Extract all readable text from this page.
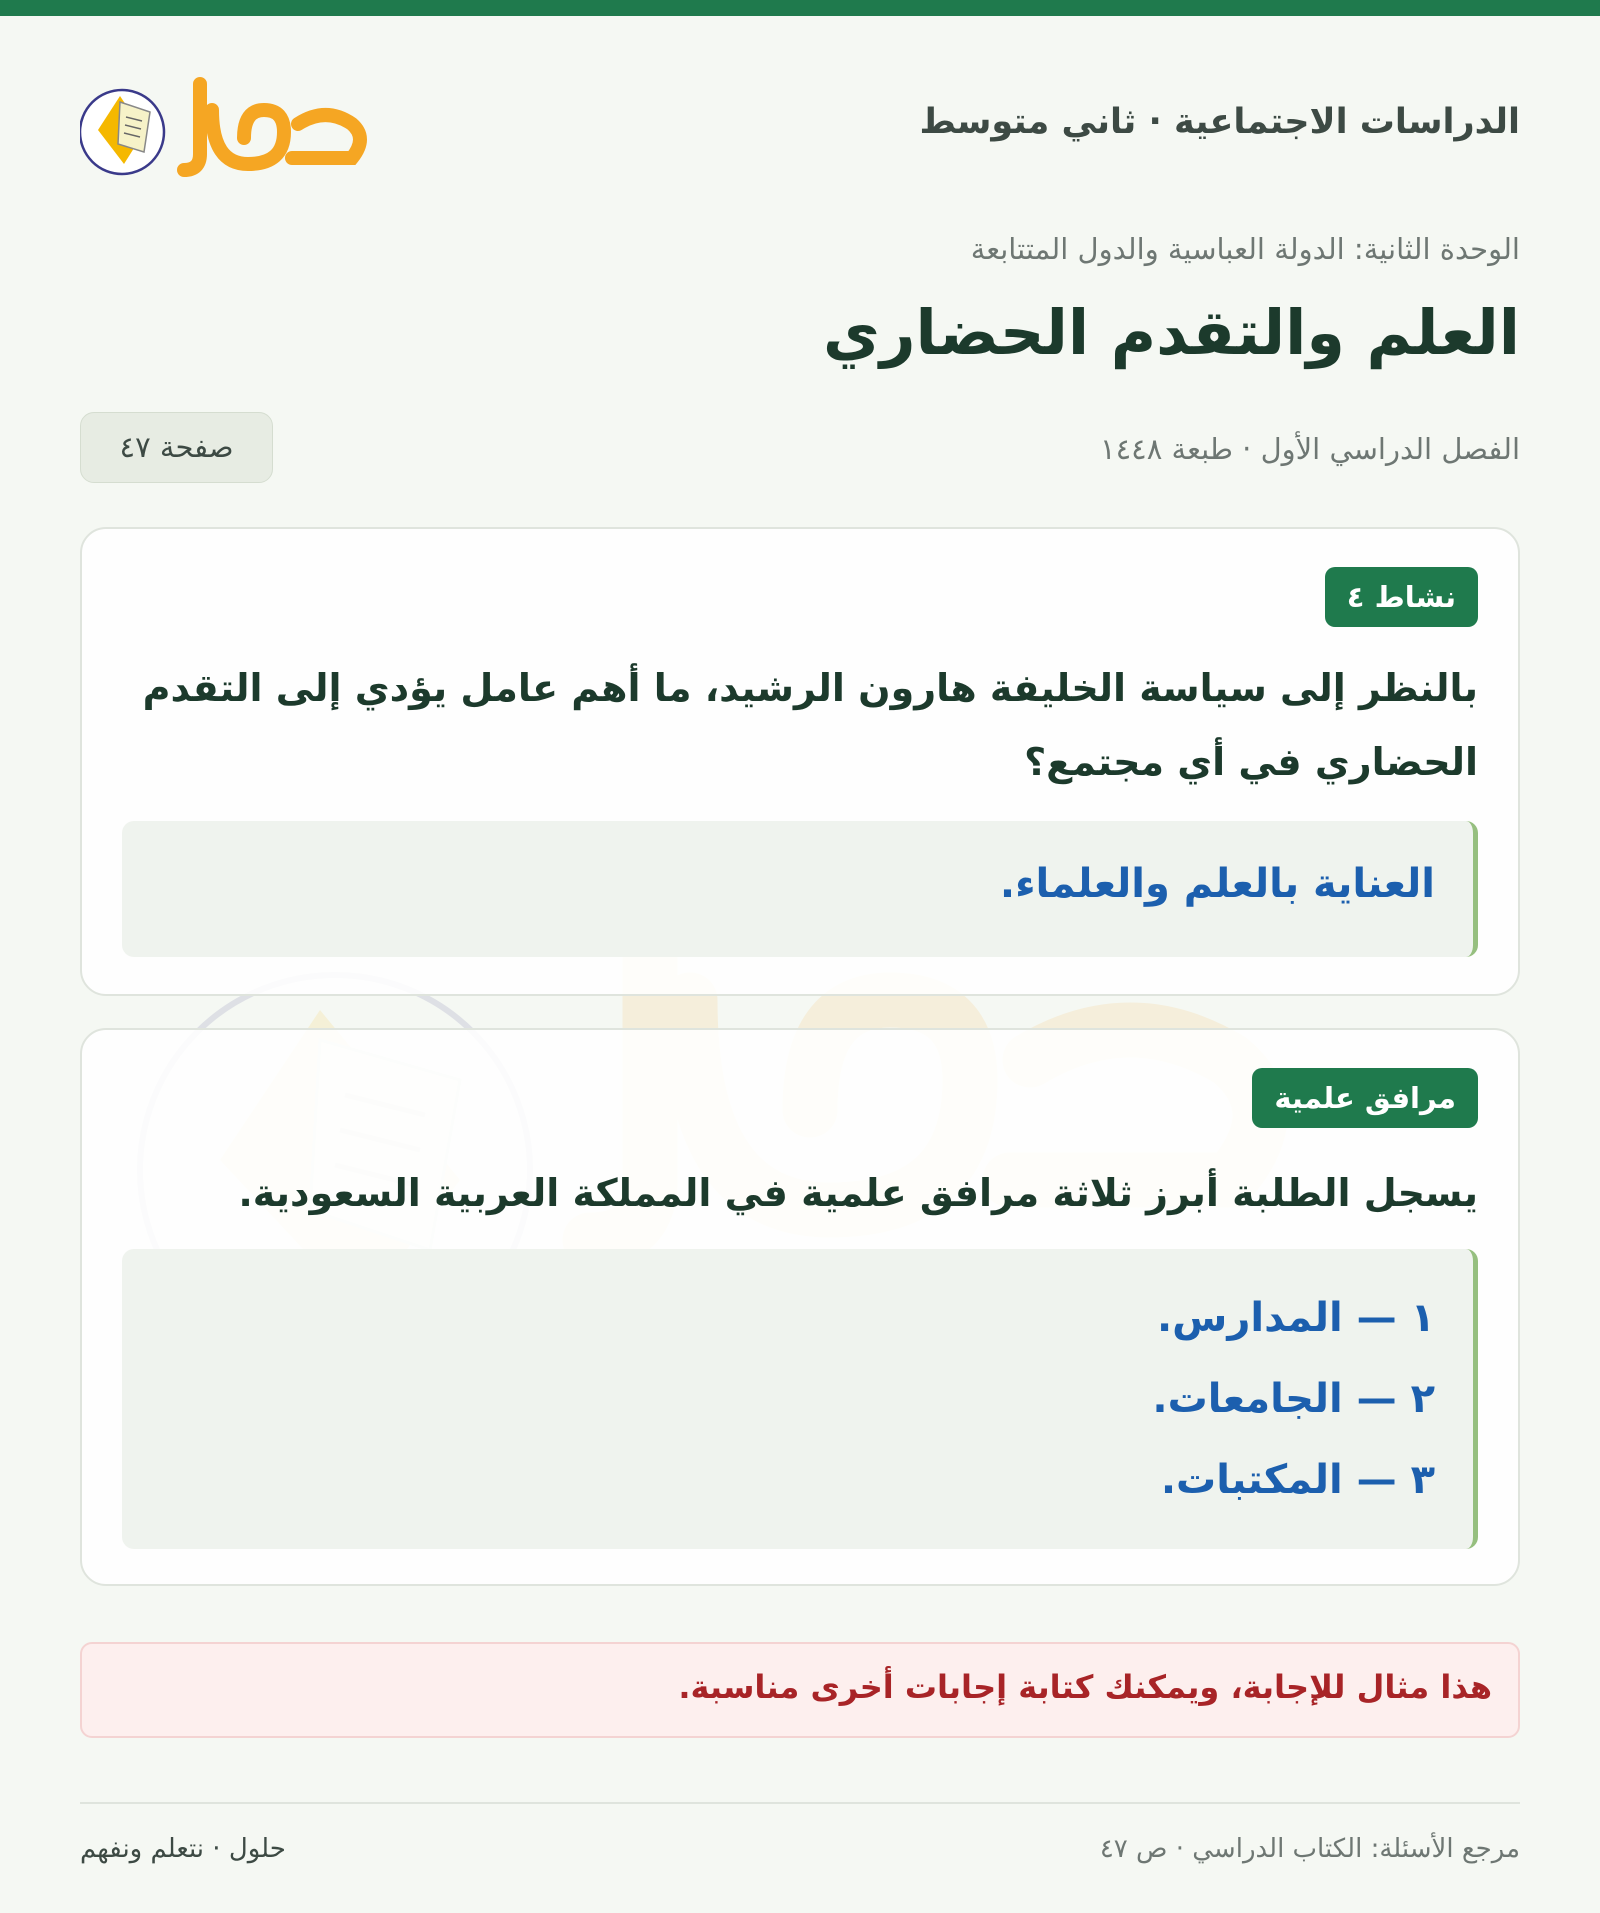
الدراسات الاجتماعية · ثاني متوسط
الوحدة الثانية: الدولة العباسية والدول المتتابعة
العلم والتقدم الحضاري
الفصل الدراسي الأول · طبعة ١٤٤٨
صفحة ٤٧
نشاط ٤
بالنظر إلى سياسة الخليفة هارون الرشيد، ما أهم عامل يؤدي إلى التقدم الحضاري في أي مجتمع؟
العناية بالعلم والعلماء.
مرافق علمية
يسجل الطلبة أبرز ثلاثة مرافق علمية في المملكة العربية السعودية.
١ — المدارس.
٢ — الجامعات.
٣ — المكتبات.
هذا مثال للإجابة، ويمكنك كتابة إجابات أخرى مناسبة.
مرجع الأسئلة: الكتاب الدراسي · ص ٤٧
حلول · نتعلم ونفهم
